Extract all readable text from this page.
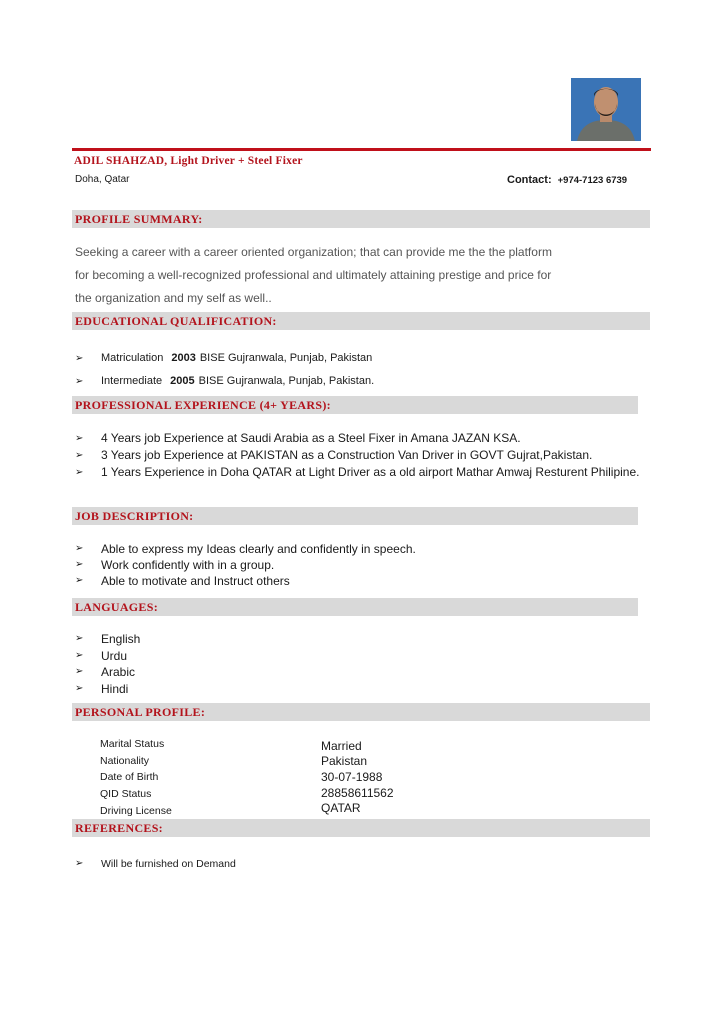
ADIL SHAHZAD, Light Driver + Steel Fixer
Doha, Qatar	Contact: +974-7123 6739
PROFILE SUMMARY:
Seeking a career with a career oriented organization; that can provide me the the platform
for becoming a well-recognized professional and ultimately attaining prestige and price for
the organization and my self as well..
EDUCATIONAL QUALIFICATION:
➢ Matriculation 2003 BISE Gujranwala, Punjab, Pakistan
➢ Intermediate 2005 BISE Gujranwala, Punjab, Pakistan.
PROFESSIONAL EXPERIENCE (4+ YEARS):
➢ 4 Years job Experience at Saudi Arabia as a Steel Fixer in Amana JAZAN KSA.
➢ 3 Years job Experience at PAKISTAN as a Construction Van Driver in GOVT Gujrat,Pakistan.
➢ 1 Years Experience in Doha QATAR at Light Driver as a old airport Mathar Amwaj Resturent Philipine.
JOB DESCRIPTION:
➢ Able to express my Ideas clearly and confidently in speech.
➢ Work confidently with in a group.
➢ Able to motivate and Instruct others
LANGUAGES:
➢ English
➢ Urdu
➢ Arabic
➢ Hindi
PERSONAL PROFILE:
Marital Status	Married
Nationality	Pakistan
Date of Birth	30-07-1988
QID Status	28858611562
Driving License	QATAR
REFERENCES:
➢ Will be furnished on Demand
